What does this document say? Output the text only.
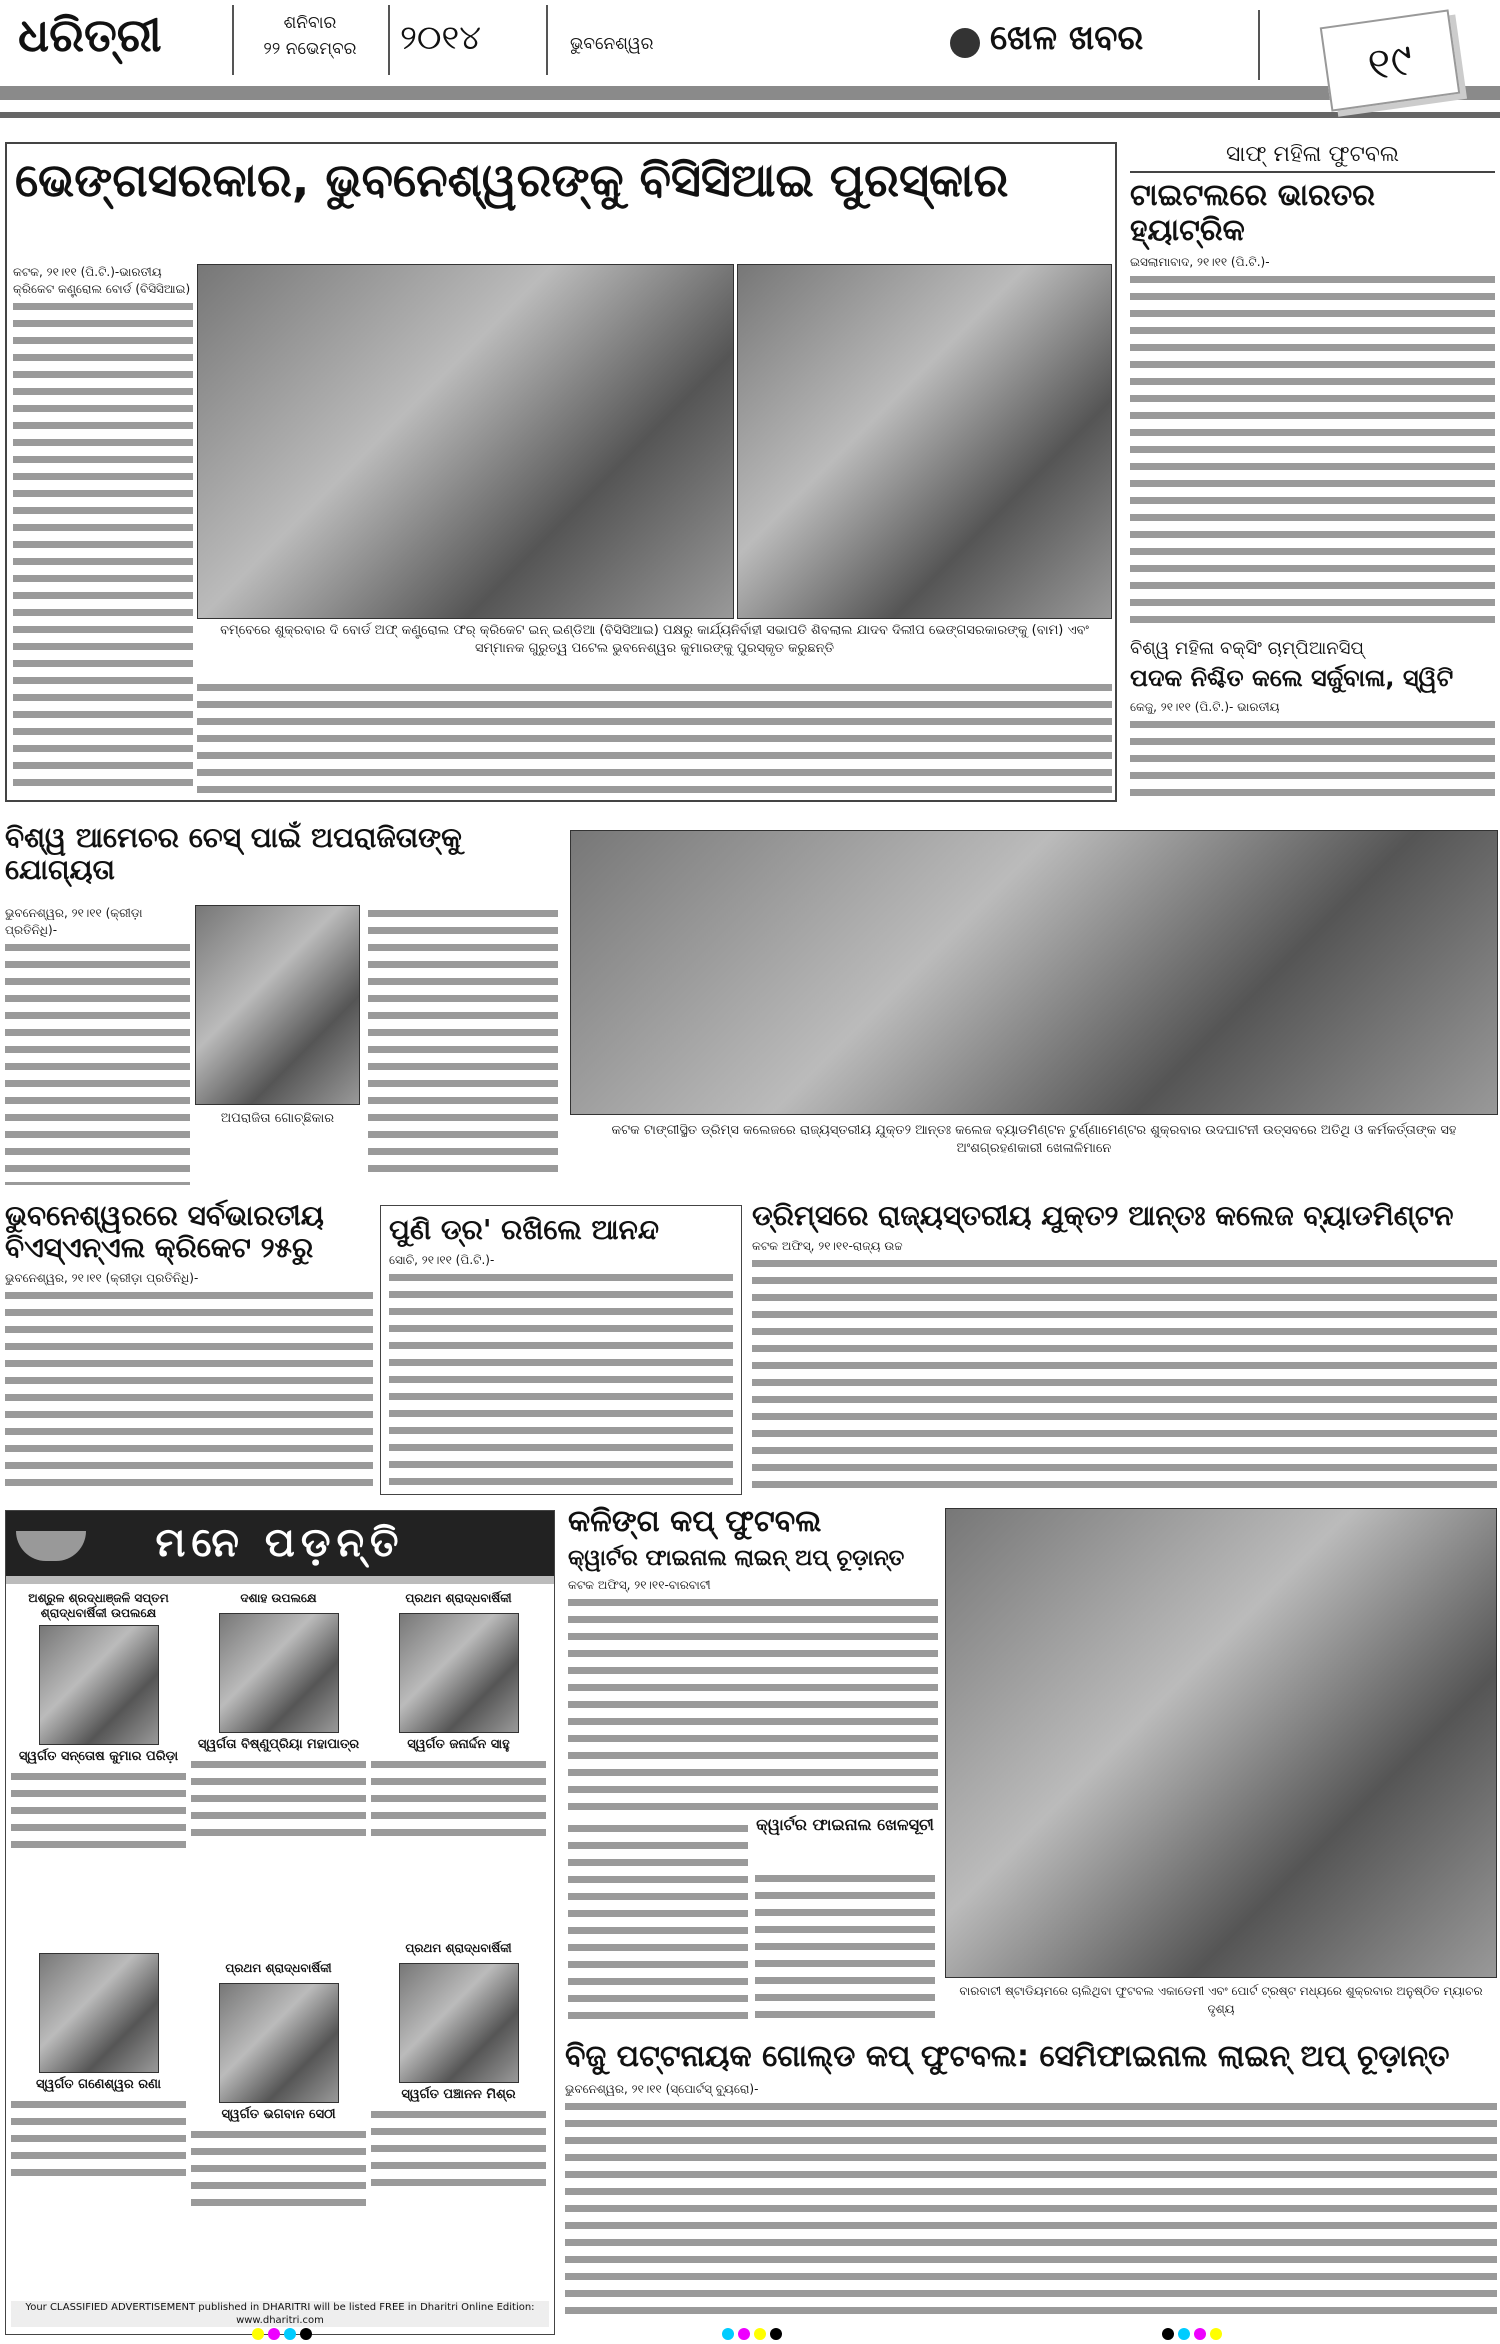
ଧରିତ୍ରୀ	ଶନିବାର
୨୨ ନଭେମ୍ବର	୨୦୧୪	ଭୁବନେଶ୍ୱର	ଖେଳ ଖବର	୧୯
ଭେଙ୍ଗସରକାର, ଭୁବନେଶ୍ୱରଙ୍କୁ ବିସିସିଆଇ ପୁରସ୍କାର
କଟକ, ୨୧।୧୧ (ପି.ଟି.)-ଭାରତୀୟ କ୍ରିକେଟ କଣ୍ଟ୍ରୋଲ ବୋର୍ଡ (ବିସିସିଆଇ)
ବମ୍ବେରେ ଶୁକ୍ରବାର ଦି ବୋର୍ଡ ଅଫ୍ କଣ୍ଟ୍ରୋଲ ଫର୍ କ୍ରିକେଟ ଇନ୍ ଇଣ୍ଡିଆ (ବିସିସିଆଇ) ପକ୍ଷରୁ କାର୍ଯ୍ୟନିର୍ବାହୀ ସଭାପତି ଶିବଲାଲ ଯାଦବ ଦିଲୀପ ଭେଙ୍ଗସରକାରଙ୍କୁ (ବାମ) ଏବଂ ସମ୍ମାନକ ଗୁରୁତ୍ୱ ପଟେଲ ଭୁବନେଶ୍ୱର କୁମାରଙ୍କୁ ପୁରସ୍କୃତ କରୁଛନ୍ତି
ସାଫ୍ ମହିଳା ଫୁଟବଲ
ଟାଇଟଲରେ ଭାରତର ହ୍ୟାଟ୍ରିକ
ଇସଲାମାବାଦ, ୨୧।୧୧ (ପି.ଟି.)-
ବିଶ୍ୱ ମହିଳା ବକ୍ସିଂ ଚାମ୍ପିଆନସିପ୍
ପଦକ ନିଶ୍ଚିତ କଲେ ସର୍ଜୁବାଳା, ସ୍ୱିଟି
କେଜୁ, ୨୧।୧୧ (ପି.ଟି.)- ଭାରତୀୟ
ବିଶ୍ୱ ଆମେଚର ଚେସ୍ ପାଇଁ ଅପରାଜିତାଙ୍କୁ ଯୋଗ୍ୟତା
ଭୁବନେଶ୍ୱର, ୨୧।୧୧ (କ୍ରୀଡ଼ା ପ୍ରତିନିଧି)-
ଅପରାଜିତା ଗୋଚ୍ଛିକାର
କଟକ ଟାଙ୍ଗୀସ୍ଥିତ ଡ୍ରିମ୍ସ କଲେଜରେ ରାଜ୍ୟସ୍ତରୀୟ ଯୁକ୍ତ୨ ଆନ୍ତଃ କଲେଜ ବ୍ୟାଡମିଣ୍ଟନ ଟୁର୍ଣ୍ଣାମେଣ୍ଟର ଶୁକ୍ରବାର ଉଦଘାଟନୀ ଉତ୍ସବରେ ଅତିଥି ଓ କର୍ମକର୍ତ୍ତାଙ୍କ ସହ ଅଂଶଗ୍ରହଣକାରୀ ଖେଳାଳିମାନେ
ଭୁବନେଶ୍ୱରରେ ସର୍ବଭାରତୀୟ
ବିଏସ୍ଏନ୍ଏଲ କ୍ରିକେଟ ୨୫ରୁ
ଭୁବନେଶ୍ୱର, ୨୧।୧୧ (କ୍ରୀଡ଼ା ପ୍ରତିନିଧି)-
ପୁଣି ଡ୍ର' ରଖିଲେ ଆନନ୍ଦ
ସୋଚି, ୨୧।୧୧ (ପି.ଟି.)-
ଡ୍ରିମ୍ସରେ ରାଜ୍ୟସ୍ତରୀୟ ଯୁକ୍ତ୨ ଆନ୍ତଃ କଲେଜ ବ୍ୟାଡମିଣ୍ଟନ
କଟକ ଅଫିସ୍, ୨୧।୧୧-ରାଜ୍ୟ ଉଚ୍ଚ
ମନେ ପଡ଼ନ୍ତି
ଅଶ୍ରୁଳ ଶ୍ରଦ୍ଧାଞ୍ଜଳି ସପ୍ତମ ଶ୍ରାଦ୍ଧବାର୍ଷିକୀ ଉପଲକ୍ଷେ
ସ୍ୱର୍ଗତ ସନ୍ତୋଷ କୁମାର ପରିଡ଼ା
ଦଶାହ ଉପଲକ୍ଷେ
ସ୍ୱର୍ଗତା ବିଷ୍ଣୁପ୍ରିୟା ମହାପାତ୍ର
ପ୍ରଥମ ଶ୍ରାଦ୍ଧବାର୍ଷିକୀ
ସ୍ୱର୍ଗତ ଜନାର୍ଦ୍ଦନ ସାହୁ
ସ୍ୱର୍ଗତ ଗଣେଶ୍ୱର ରଣା
ପ୍ରଥମ ଶ୍ରାଦ୍ଧବାର୍ଷିକୀ
ସ୍ୱର୍ଗତ ଭଗବାନ ସେଠୀ
ପ୍ରଥମ ଶ୍ରାଦ୍ଧବାର୍ଷିକୀ
ସ୍ୱର୍ଗତ ପଞ୍ଚାନନ ମିଶ୍ର
Your CLASSIFIED ADVERTISEMENT published in DHARITRI will be listed FREE in Dharitri Online Edition: www.dharitri.com
କଳିଙ୍ଗ କପ୍ ଫୁଟବଲ
କ୍ୱାର୍ଟର ଫାଇନାଲ ଲାଇନ୍ ଅପ୍ ଚୂଡ଼ାନ୍ତ
କଟକ ଅଫିସ୍, ୨୧।୧୧-ବାରବାଟୀ
କ୍ୱାର୍ଟର ଫାଇନାଲ ଖେଳସୂଚୀ
ବାରବାଟୀ ଷ୍ଟାଡିୟମରେ ଚାଲିଥିବା ଫୁଟବଲ ଏକାଡେମୀ ଏବଂ ପୋର୍ଟ ଟ୍ରଷ୍ଟ ମଧ୍ୟରେ ଶୁକ୍ରବାର ଅନୁଷ୍ଠିତ ମ୍ୟାଚର ଦୃଶ୍ୟ
ବିଜୁ ପଟ୍ଟନାୟକ ଗୋଲ୍ଡ କପ୍ ଫୁଟବଲ: ସେମିଫାଇନାଲ ଲାଇନ୍ ଅପ୍ ଚୂଡ଼ାନ୍ତ
ଭୁବନେଶ୍ୱର, ୨୧।୧୧ (ସ୍ପୋର୍ଟସ୍ ବ୍ୟୁରୋ)-
